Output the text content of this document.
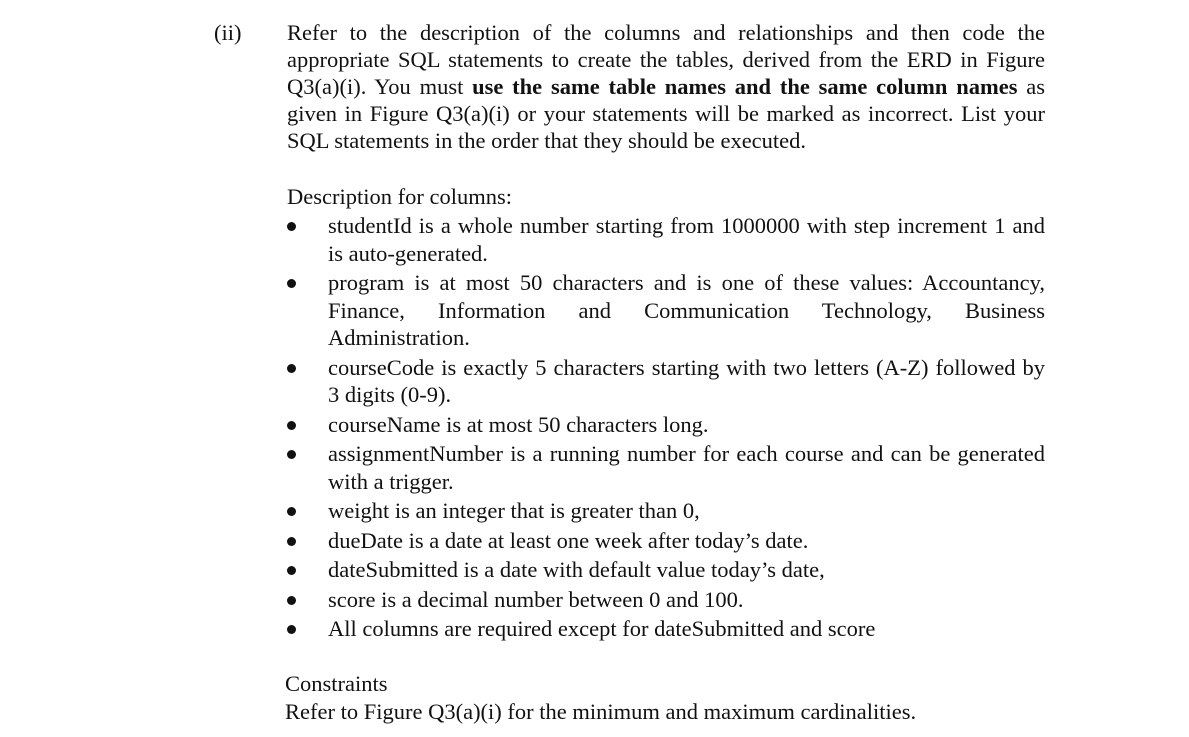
(ii) Refer to the description of the columns and relationships and then code the appropriate SQL statements to create the tables, derived from the ERD in Figure Q3(a)(i). You must use the same table names and the same column names as given in Figure Q3(a)(i) or your statements will be marked as incorrect. List your SQL statements in the order that they should be executed.

Description for columns:
studentId is a whole number starting from 1000000 with step increment 1 and is auto-generated.
program is at most 50 characters and is one of these values: Accountancy, Finance, Information and Communication Technology, Business Administration.
courseCode is exactly 5 characters starting with two letters (A-Z) followed by 3 digits (0-9).
courseName is at most 50 characters long.
assignmentNumber is a running number for each course and can be generated with a trigger.
weight is an integer that is greater than 0,
dueDate is a date at least one week after today’s date.
dateSubmitted is a date with default value today’s date,
score is a decimal number between 0 and 100.
All columns are required except for dateSubmitted and score
Constraints
Refer to Figure Q3(a)(i) for the minimum and maximum cardinalities.
